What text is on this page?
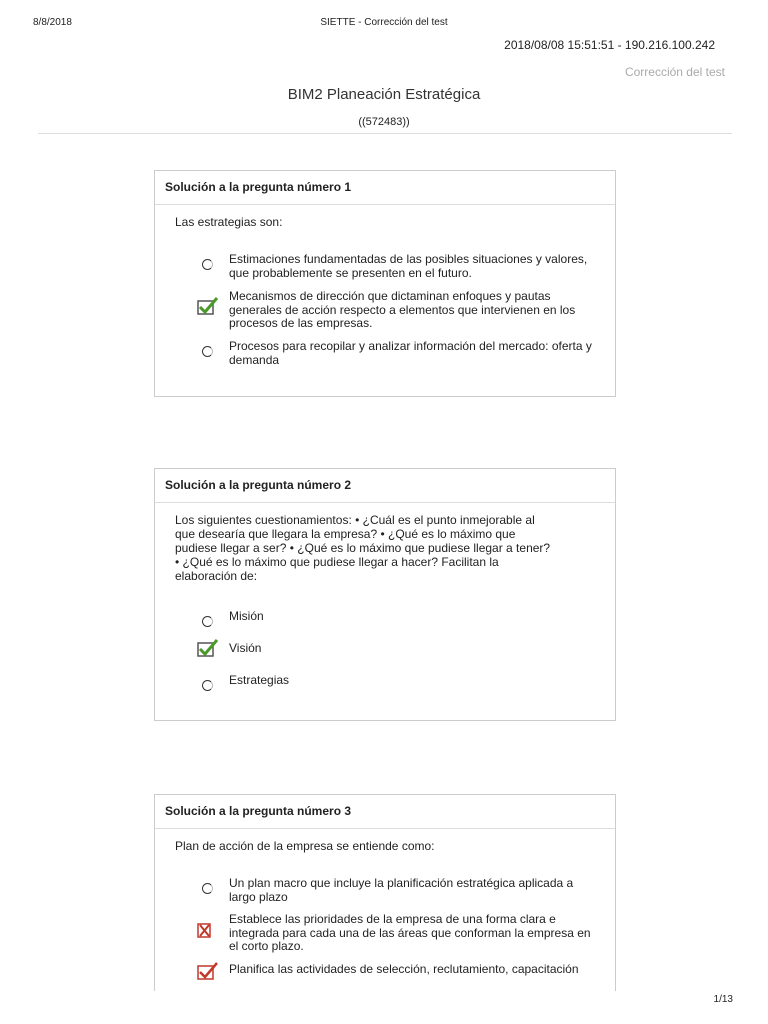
8/8/2018	SIETTE - Corrección del test
2018/08/08 15:51:51 - 190.216.100.242
Corrección del test
BIM2 Planeación Estratégica
((572483))
Solución a la pregunta número 1
Las estrategias son:
Estimaciones fundamentadas de las posibles situaciones y valores, que probablemente se presenten en el futuro.
Mecanismos de dirección que dictaminan enfoques y pautas generales de acción respecto a elementos que intervienen en los procesos de las empresas.
Procesos para recopilar y analizar información del mercado: oferta y demanda
Solución a la pregunta número 2
Los siguientes cuestionamientos: • ¿Cuál es el punto inmejorable al que desearía que llegara la empresa? • ¿Qué es lo máximo que pudiese llegar a ser? • ¿Qué es lo máximo que pudiese llegar a tener? • ¿Qué es lo máximo que pudiese llegar a hacer? Facilitan la elaboración de:
Misión
Visión
Estrategias
Solución a la pregunta número 3
Plan de acción de la empresa se entiende como:
Un plan macro que incluye la planificación estratégica aplicada a largo plazo
Establece las prioridades de la empresa de una forma clara e integrada para cada una de las áreas que conforman la empresa en el corto plazo.
Planifica las actividades de selección, reclutamiento, capacitación
1/13
